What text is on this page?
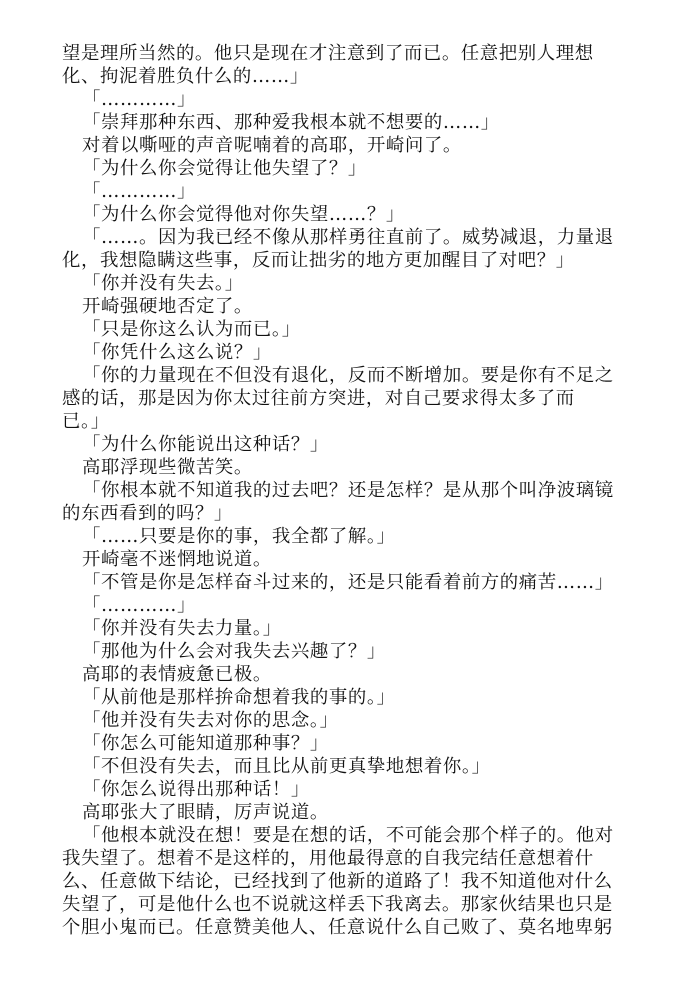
望是理所当然的。他只是现在才注意到了而已。任意把别人理想
化、拘泥着胜负什么的……」
「…………」
「崇拜那种东西、那种爱我根本就不想要的……」
对着以嘶哑的声音呢喃着的高耶，开崎问了。
「为什么你会觉得让他失望了？」
「…………」
「为什么你会觉得他对你失望……？」
「……。因为我已经不像从那样勇往直前了。威势减退，力量退
化，我想隐瞒这些事，反而让拙劣的地方更加醒目了对吧？」
「你并没有失去。」
开崎强硬地否定了。
「只是你这么认为而已。」
「你凭什么这么说？」
「你的力量现在不但没有退化，反而不断增加。要是你有不足之
感的话，那是因为你太过往前方突进，对自己要求得太多了而
已。」
「为什么你能说出这种话？」
高耶浮现些微苦笑。
「你根本就不知道我的过去吧？还是怎样？是从那个叫净波璃镜
的东西看到的吗？」
「……只要是你的事，我全都了解。」
开崎毫不迷惘地说道。
「不管是你是怎样奋斗过来的，还是只能看着前方的痛苦……」
「…………」
「你并没有失去力量。」
「那他为什么会对我失去兴趣了？」
高耶的表情疲惫已极。
「从前他是那样拚命想着我的事的。」
「他并没有失去对你的思念。」
「你怎么可能知道那种事？」
「不但没有失去，而且比从前更真挚地想着你。」
「你怎么说得出那种话！」
高耶张大了眼睛，厉声说道。
「他根本就没在想！要是在想的话，不可能会那个样子的。他对
我失望了。想着不是这样的，用他最得意的自我完结任意想着什
么、任意做下结论，已经找到了他新的道路了！我不知道他对什么
失望了，可是他什么也不说就这样丢下我离去。那家伙结果也只是
个胆小鬼而已。任意赞美他人、任意说什么自己败了、莫名地卑躬
